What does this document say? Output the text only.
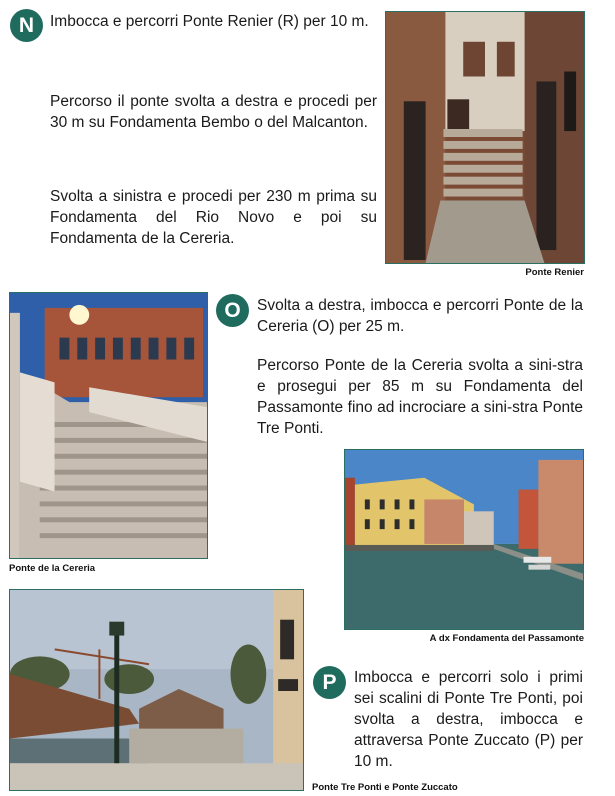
N	Imbocca e percorri Ponte Renier (R) per 10 m.

Percorso il ponte svolta a destra e procedi per 30 m su Fondamenta Bembo o del Malcanton.

Svolta a sinistra e procedi per 230 m prima su Fondamenta del Rio Novo e poi su Fondamenta de la Cereria.

Ponte Renier
Ponte de la Cereria
O	Svolta a destra, imbocca e percorri Ponte de la Cereria (O) per 25 m.

Percorso Ponte de la Cereria svolta a sini-stra e prosegui per 85 m su Fondamenta del Passamonte fino ad incrociare a sini-stra Ponte Tre Ponti.

A dx Fondamenta del Passamonte
Ponte Tre Ponti e Ponte Zuccato
P	Imbocca e percorri solo i primi sei scalini di Ponte Tre Ponti, poi svolta a destra, imbocca e attraversa Ponte Zuccato (P) per 10 m.
